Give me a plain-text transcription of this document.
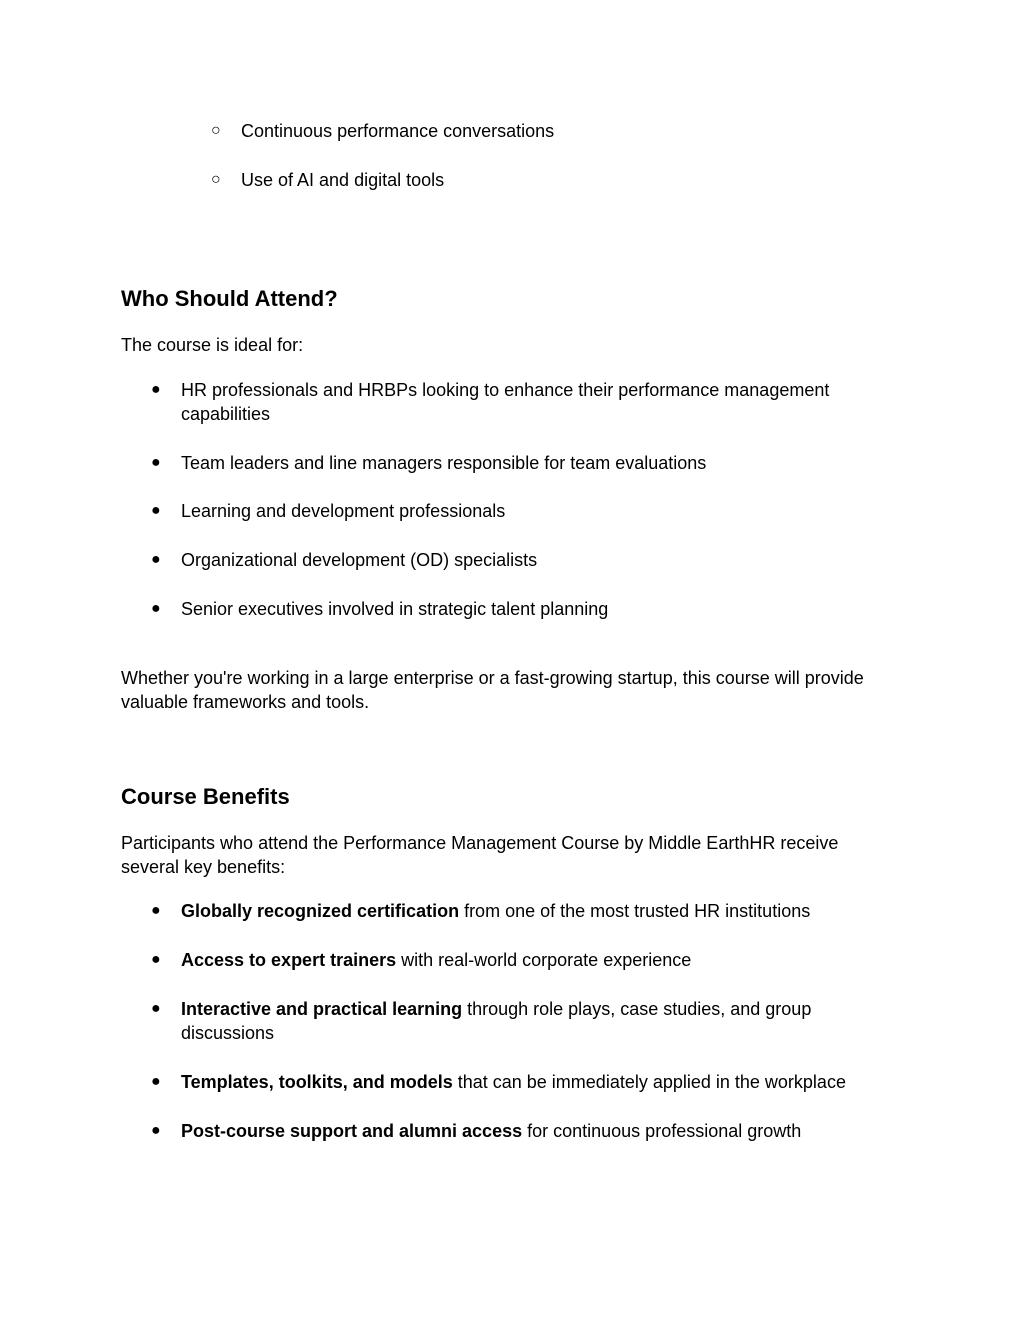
○ Continuous performance conversations
○ Use of AI and digital tools
Who Should Attend?
The course is ideal for:
● HR professionals and HRBPs looking to enhance their performance management
capabilities
● Team leaders and line managers responsible for team evaluations
● Learning and development professionals
● Organizational development (OD) specialists
● Senior executives involved in strategic talent planning
Whether you're working in a large enterprise or a fast-growing startup, this course will provide
valuable frameworks and tools.
Course Benefits
Participants who attend the Performance Management Course by Middle EarthHR receive
several key benefits:
● Globally recognized certification from one of the most trusted HR institutions
● Access to expert trainers with real-world corporate experience
● Interactive and practical learning through role plays, case studies, and group
discussions
● Templates, toolkits, and models that can be immediately applied in the workplace
● Post-course support and alumni access for continuous professional growth
